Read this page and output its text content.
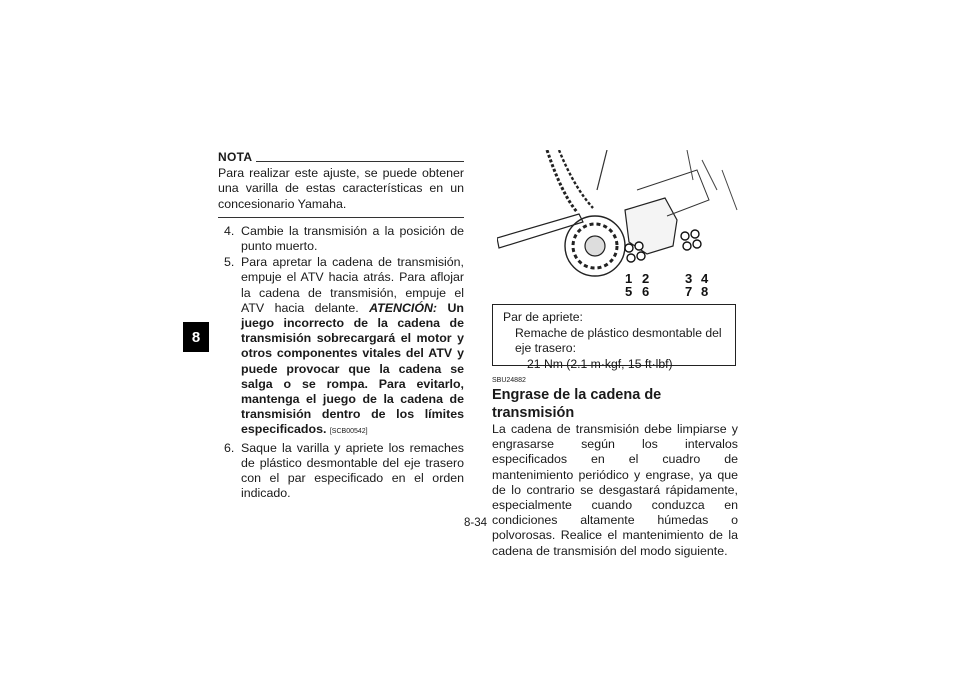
8
NOTA
Para realizar este ajuste, se puede obtener una varilla de estas características en un concesionario Yamaha.
4. Cambie la transmisión a la posición de punto muerto.
5. Para apretar la cadena de transmisión, empuje el ATV hacia atrás. Para aflojar la cadena de transmisión, empuje el ATV hacia delante. ATENCIÓN: Un juego incorrecto de la cadena de transmisión sobrecargará el motor y otros componentes vitales del ATV y puede provocar que la cadena se salga o se rompa. Para evitarlo, mantenga el juego de la cadena de transmisión dentro de los límites especificados. [SCB00542]
6. Saque la varilla y apriete los remaches de plástico desmontable del eje trasero con el par especificado en el orden indicado.
1
5
2
6
3
7
4
8
Par de apriete:
Remache de plástico desmontable del eje trasero:
21 Nm (2.1 m·kgf, 15 ft·lbf)
SBU24882
Engrase de la cadena de transmisión
La cadena de transmisión debe limpiarse y engrasarse según los intervalos especificados en el cuadro de mantenimiento periódico y engrase, ya que de lo contrario se desgastará rápidamente, especialmente cuando conduzca en condiciones altamente húmedas o polvorosas. Realice el mantenimiento de la cadena de transmisión del modo siguiente.
8-34
